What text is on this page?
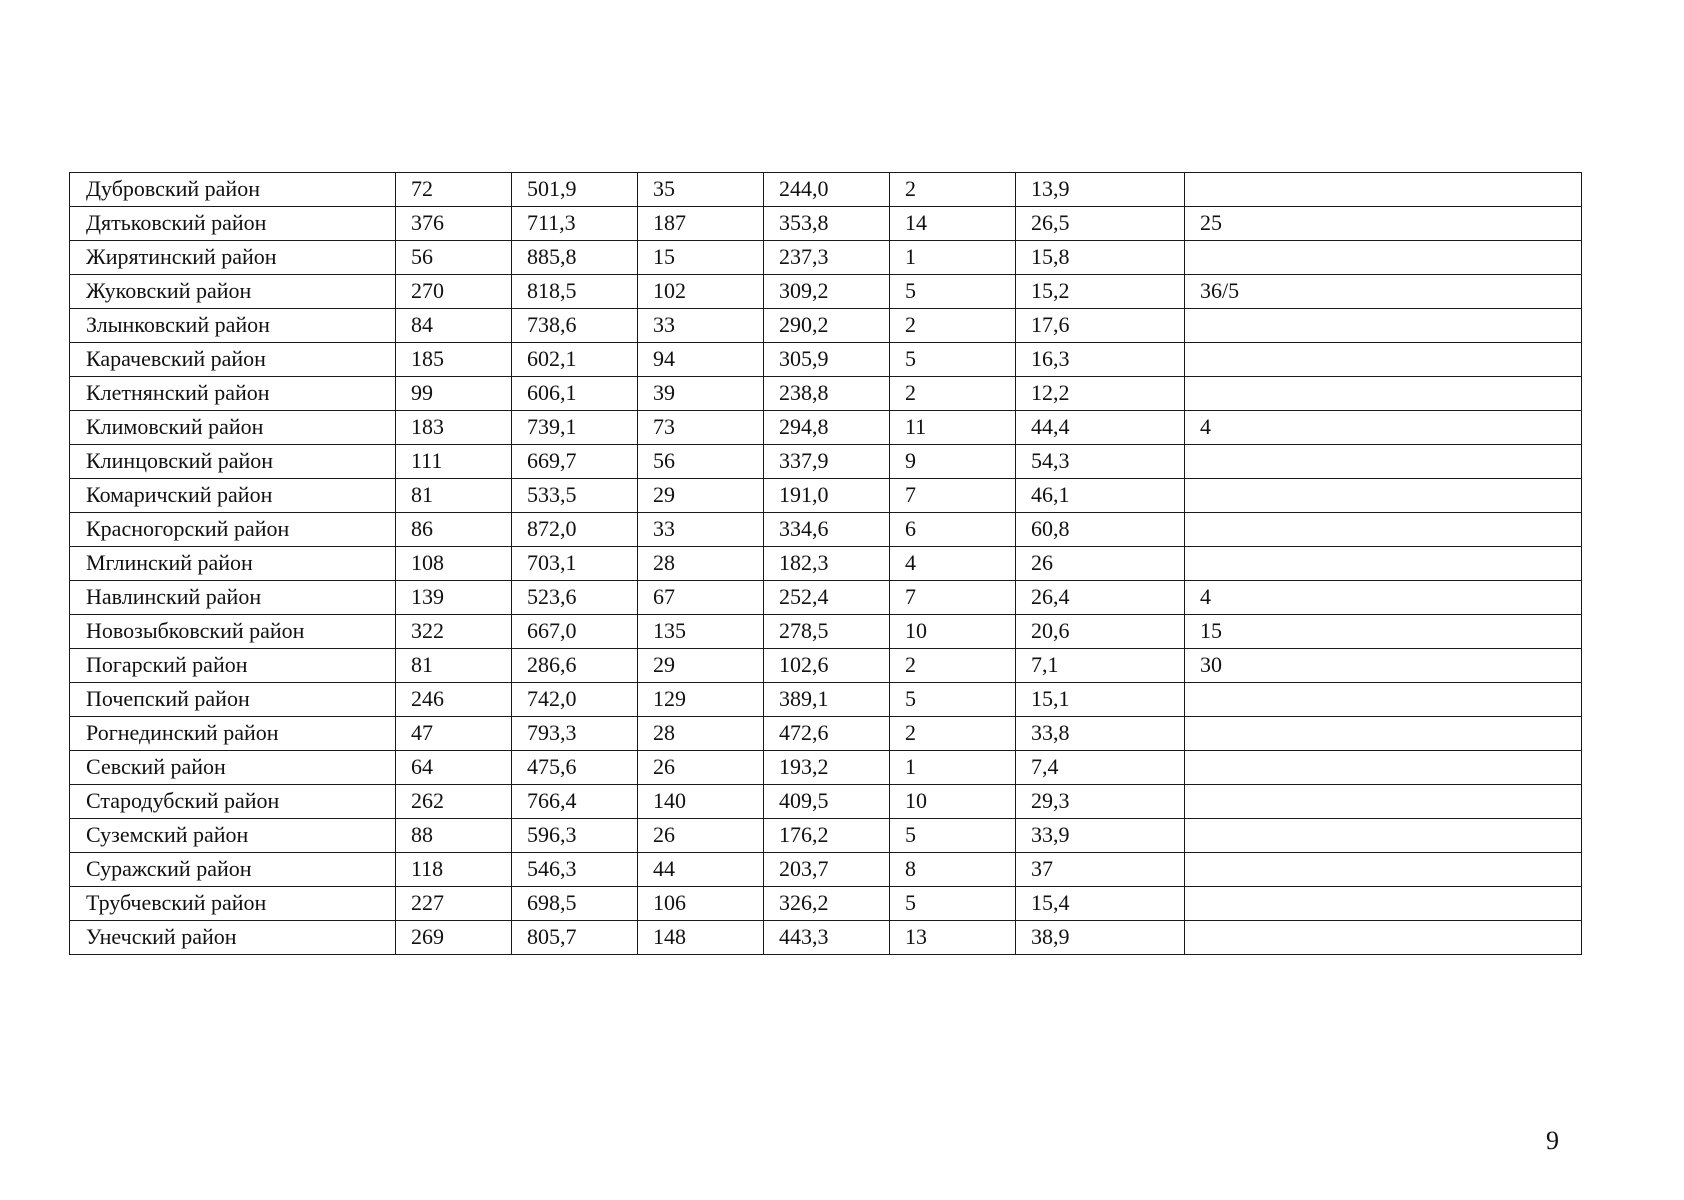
Дубровский район	72	501,9	35	244,0	2	13,9	
Дятьковский район	376	711,3	187	353,8	14	26,5	25
Жирятинский район	56	885,8	15	237,3	1	15,8	
Жуковский район	270	818,5	102	309,2	5	15,2	36/5
Злынковский район	84	738,6	33	290,2	2	17,6	
Карачевский район	185	602,1	94	305,9	5	16,3	
Клетнянский район	99	606,1	39	238,8	2	12,2	
Климовский район	183	739,1	73	294,8	11	44,4	4
Клинцовский район	111	669,7	56	337,9	9	54,3	
Комаричский район	81	533,5	29	191,0	7	46,1	
Красногорский район	86	872,0	33	334,6	6	60,8	
Мглинский район	108	703,1	28	182,3	4	26	
Навлинский район	139	523,6	67	252,4	7	26,4	4
Новозыбковский район	322	667,0	135	278,5	10	20,6	15
Погарский район	81	286,6	29	102,6	2	7,1	30
Почепский район	246	742,0	129	389,1	5	15,1	
Рогнединский район	47	793,3	28	472,6	2	33,8	
Севский район	64	475,6	26	193,2	1	7,4	
Стародубский район	262	766,4	140	409,5	10	29,3	
Суземский район	88	596,3	26	176,2	5	33,9	
Суражский район	118	546,3	44	203,7	8	37	
Трубчевский район	227	698,5	106	326,2	5	15,4	
Унечский район	269	805,7	148	443,3	13	38,9	
9
